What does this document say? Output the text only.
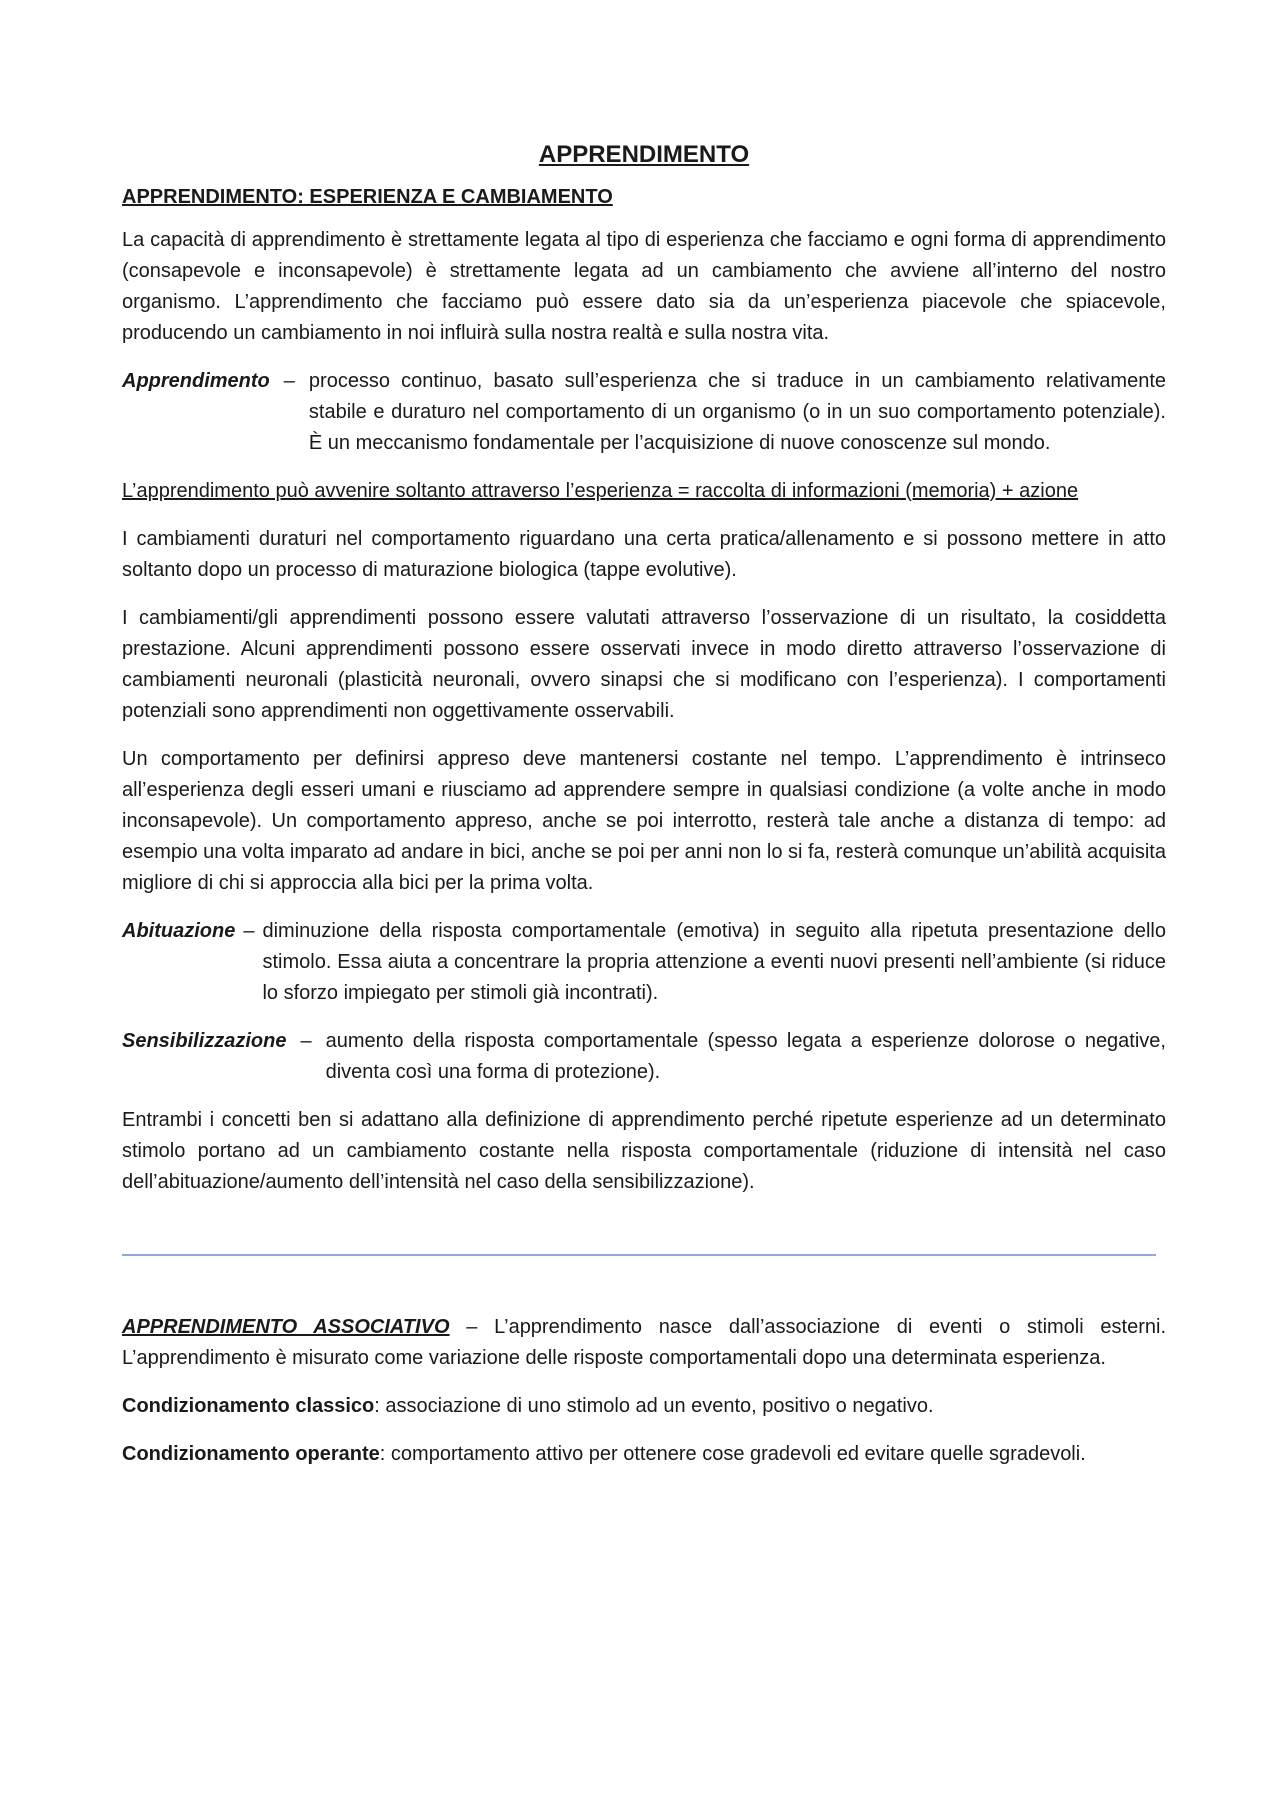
APPRENDIMENTO
APPRENDIMENTO: ESPERIENZA E CAMBIAMENTO

La capacità di apprendimento è strettamente legata al tipo di esperienza che facciamo e ogni forma di apprendimento (consapevole e inconsapevole) è strettamente legata ad un cambiamento che avviene all’interno del nostro organismo. L’apprendimento che facciamo può essere dato sia da un’esperienza piacevole che spiacevole, producendo un cambiamento in noi influirà sulla nostra realtà e sulla nostra vita.

Apprendimento – processo continuo, basato sull’esperienza che si traduce in un cambiamento relativamente stabile e duraturo nel comportamento di un organismo (o in un suo comportamento potenziale). È un meccanismo fondamentale per l’acquisizione di nuove conoscenze sul mondo.

L’apprendimento può avvenire soltanto attraverso l’esperienza = raccolta di informazioni (memoria) + azione

I cambiamenti duraturi nel comportamento riguardano una certa pratica/allenamento e si possono mettere in atto soltanto dopo un processo di maturazione biologica (tappe evolutive).

I cambiamenti/gli apprendimenti possono essere valutati attraverso l’osservazione di un risultato, la cosiddetta prestazione. Alcuni apprendimenti possono essere osservati invece in modo diretto attraverso l’osservazione di cambiamenti neuronali (plasticità neuronali, ovvero sinapsi che si modificano con l’esperienza). I comportamenti potenziali sono apprendimenti non oggettivamente osservabili.

Un comportamento per definirsi appreso deve mantenersi costante nel tempo. L’apprendimento è intrinseco all’esperienza degli esseri umani e riusciamo ad apprendere sempre in qualsiasi condizione (a volte anche in modo inconsapevole). Un comportamento appreso, anche se poi interrotto, resterà tale anche a distanza di tempo: ad esempio una volta imparato ad andare in bici, anche se poi per anni non lo si fa, resterà comunque un’abilità acquisita migliore di chi si approccia alla bici per la prima volta.

Abituazione – diminuzione della risposta comportamentale (emotiva) in seguito alla ripetuta presentazione dello stimolo. Essa aiuta a concentrare la propria attenzione a eventi nuovi presenti nell’ambiente (si riduce lo sforzo impiegato per stimoli già incontrati).
Sensibilizzazione – aumento della risposta comportamentale (spesso legata a esperienze dolorose o negative, diventa così una forma di protezione).

Entrambi i concetti ben si adattano alla definizione di apprendimento perché ripetute esperienze ad un determinato stimolo portano ad un cambiamento costante nella risposta comportamentale (riduzione di intensità nel caso dell’abituazione/aumento dell’intensità nel caso della sensibilizzazione).

APPRENDIMENTO ASSOCIATIVO – L’apprendimento nasce dall’associazione di eventi o stimoli esterni. L’apprendimento è misurato come variazione delle risposte comportamentali dopo una determinata esperienza.

Condizionamento classico: associazione di uno stimolo ad un evento, positivo o negativo.

Condizionamento operante: comportamento attivo per ottenere cose gradevoli ed evitare quelle sgradevoli.
